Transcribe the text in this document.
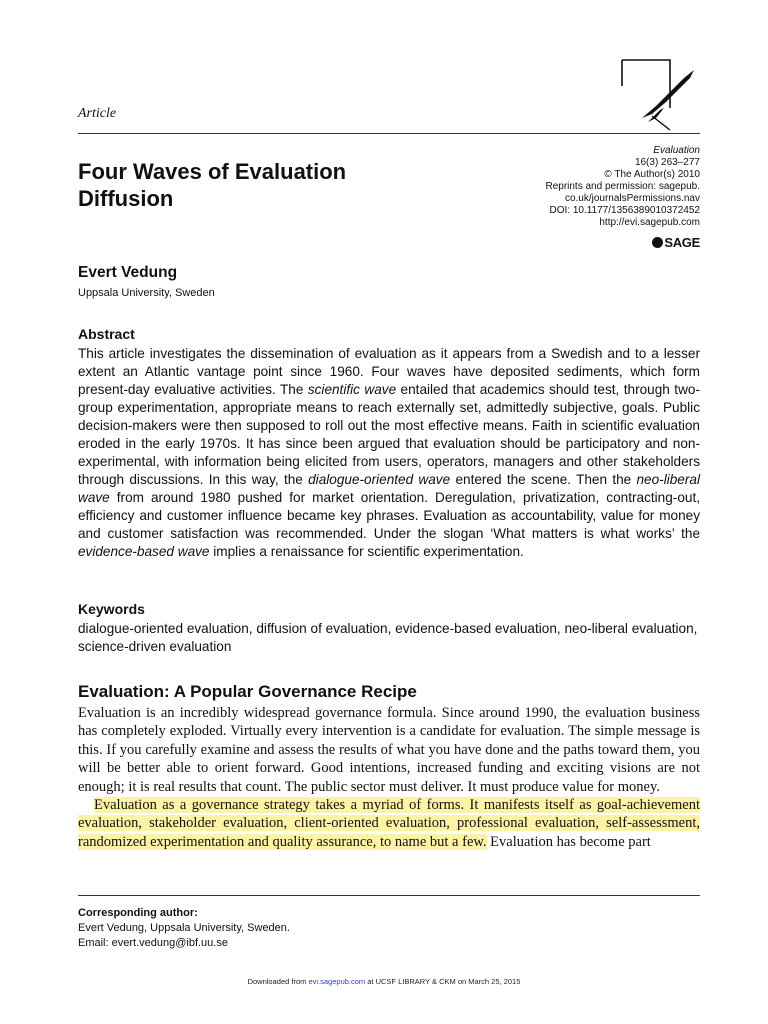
Article
Four Waves of Evaluation
Diffusion
Evaluation
16(3) 263–277
© The Author(s) 2010
Reprints and permission: sagepub.
co.uk/journalsPermissions.nav
DOI: 10.1177/1356389010372452
http://evi.sagepub.com
SAGE
Evert Vedung
Uppsala University, Sweden
Abstract
This article investigates the dissemination of evaluation as it appears from a Swedish and to a lesser extent an Atlantic vantage point since 1960. Four waves have deposited sediments, which form present-day evaluative activities. The scientific wave entailed that academics should test, through two-group experimentation, appropriate means to reach externally set, admittedly subjective, goals. Public decision-makers were then supposed to roll out the most effective means. Faith in scientific evaluation eroded in the early 1970s. It has since been argued that evaluation should be participatory and non-experimental, with information being elicited from users, operators, managers and other stakeholders through discussions. In this way, the dialogue-oriented wave entered the scene. Then the neo-liberal wave from around 1980 pushed for market orientation. Deregulation, privatization, contracting-out, efficiency and customer influence became key phrases. Evaluation as accountability, value for money and customer satisfaction was recommended. Under the slogan ‘What matters is what works’ the evidence-based wave implies a renaissance for scientific experimentation.
Keywords
dialogue-oriented evaluation, diffusion of evaluation, evidence-based evaluation, neo-liberal evaluation, science-driven evaluation
Evaluation: A Popular Governance Recipe

Evaluation is an incredibly widespread governance formula. Since around 1990, the evaluation business has completely exploded. Virtually every intervention is a candidate for evaluation. The simple message is this. If you carefully examine and assess the results of what you have done and the paths toward them, you will be better able to orient forward. Good intentions, increased funding and exciting visions are not enough; it is real results that count. The public sector must deliver. It must produce value for money.

Evaluation as a governance strategy takes a myriad of forms. It manifests itself as goal-achievement evaluation, stakeholder evaluation, client-oriented evaluation, professional evaluation, self-assessment, randomized experimentation and quality assurance, to name but a few. Evaluation has become part

Corresponding author:
Evert Vedung, Uppsala University, Sweden.
Email: evert.vedung@ibf.uu.se
Downloaded from evi.sagepub.com at UCSF LIBRARY & CKM on March 25, 2015
